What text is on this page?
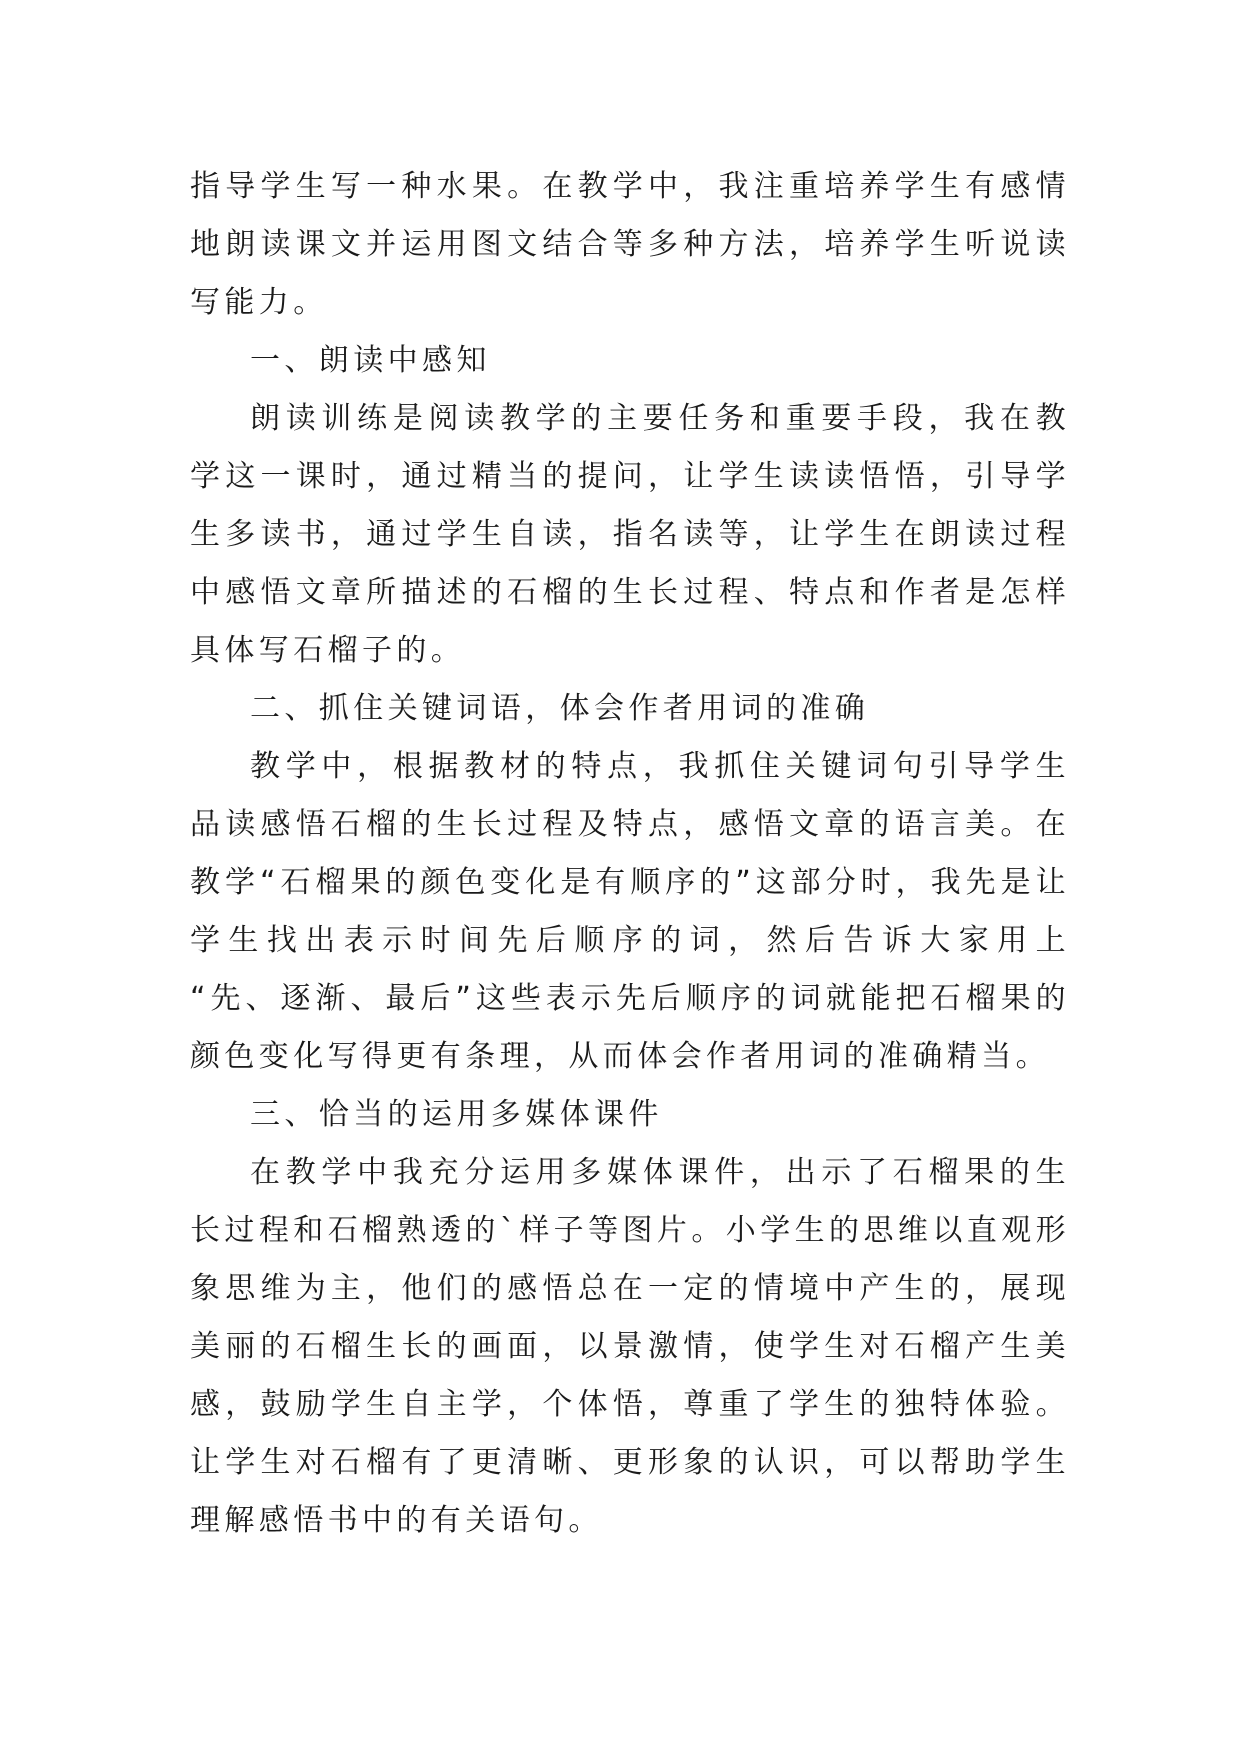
指导学生写一种水果。在教学中，我注重培养学生有感情地朗读课文并运用图文结合等多种方法，培养学生听说读写能力。

一、朗读中感知

朗读训练是阅读教学的主要任务和重要手段，我在教学这一课时，通过精当的提问，让学生读读悟悟，引导学生多读书，通过学生自读，指名读等，让学生在朗读过程中感悟文章所描述的石榴的生长过程、特点和作者是怎样具体写石榴子的。

二、抓住关键词语，体会作者用词的准确

教学中，根据教材的特点，我抓住关键词句引导学生品读感悟石榴的生长过程及特点，感悟文章的语言美。在教学“石榴果的颜色变化是有顺序的”这部分时，我先是让学生找出表示时间先后顺序的词，然后告诉大家用上 “先、逐渐、最后”这些表示先后顺序的词就能把石榴果的颜色变化写得更有条理，从而体会作者用词的准确精当。

三、恰当的运用多媒体课件

在教学中我充分运用多媒体课件，出示了石榴果的生长过程和石榴熟透的`样子等图片。小学生的思维以直观形象思维为主，他们的感悟总在一定的情境中产生的，展现美丽的石榴生长的画面，以景激情，使学生对石榴产生美感，鼓励学生自主学，个体悟，尊重了学生的独特体验。让学生对石榴有了更清晰、更形象的认识，可以帮助学生理解感悟书中的有关语句。
